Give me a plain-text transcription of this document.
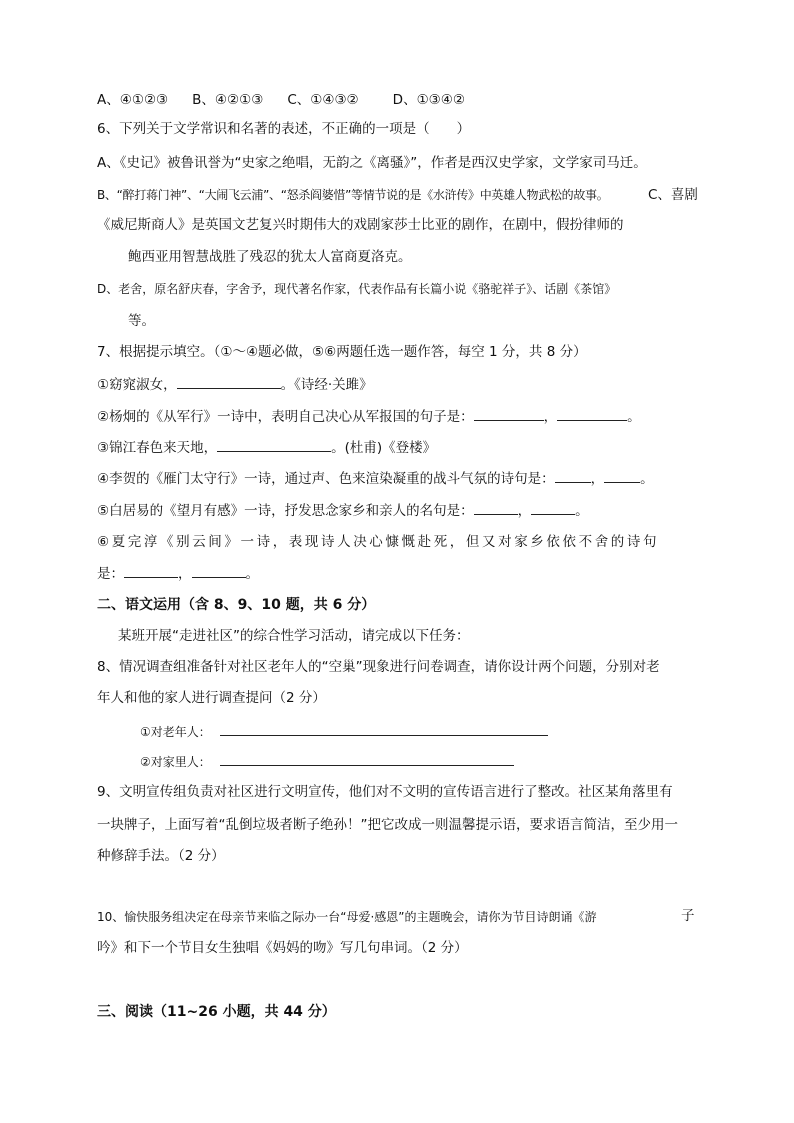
A、④①②③ B、④②①③ C、①④③②	D、①③④②
6、下列关于文学常识和名著的表述，不正确的一项是（　　）
A、《史记》被鲁讯誉为“史家之绝唱，无韵之《离骚》”，作者是西汉史学家，文学家司马迁。
B、“醉打蒋门神”、“大闹飞云浦”、“怒杀阎婆惜”等情节说的是《水浒传》中英雄人物武松的故事。	C、喜剧
《威尼斯商人》是英国文艺复兴时期伟大的戏剧家莎士比亚的剧作，在剧中，假扮律师的
鲍西亚用智慧战胜了残忍的犹太人富商夏洛克。
D、老舍，原名舒庆春，字舍予，现代著名作家，代表作品有长篇小说《骆驼祥子》、话剧《茶馆》
等。
7、根据提示填空。（①～④题必做，⑤⑥两题任选一题作答，每空 1 分，共 8 分）
①窈窕淑女，	。《诗经·关雎》
②杨炯的《从军行》一诗中，表明自己决心从军报国的句子是：	，	。
③锦江春色来天地，	。(杜甫)《登楼》
④李贺的《雁门太守行》一诗，通过声、色来渲染凝重的战斗气氛的诗句是：	，	。
⑤白居易的《望月有感》一诗，抒发思念家乡和亲人的名句是：	，	。
⑥夏完淳《别云间》一诗，表现诗人决心慷慨赴死，但又对家乡依依不舍的诗句
是：	，	。
二、语文运用（含 8、9、10 题，共 6 分）
某班开展“走进社区”的综合性学习活动，请完成以下任务：
8、情况调查组准备针对社区老年人的“空巢”现象进行问卷调查，请你设计两个问题，分别对老
年人和他的家人进行调查提问（2 分）
①对老年人：
②对家里人：
9、文明宣传组负责对社区进行文明宣传，他们对不文明的宣传语言进行了整改。社区某角落里有
一块牌子，上面写着“乱倒垃圾者断子绝孙！”把它改成一则温馨提示语，要求语言简洁，至少用一
种修辞手法。（2 分）
10、愉快服务组决定在母亲节来临之际办一台“母爱·感恩”的主题晚会，请你为节目诗朗诵《游	子
吟》和下一个节目女生独唱《妈妈的吻》写几句串词。（2 分）
三、阅读（11~26 小题，共 44 分）
